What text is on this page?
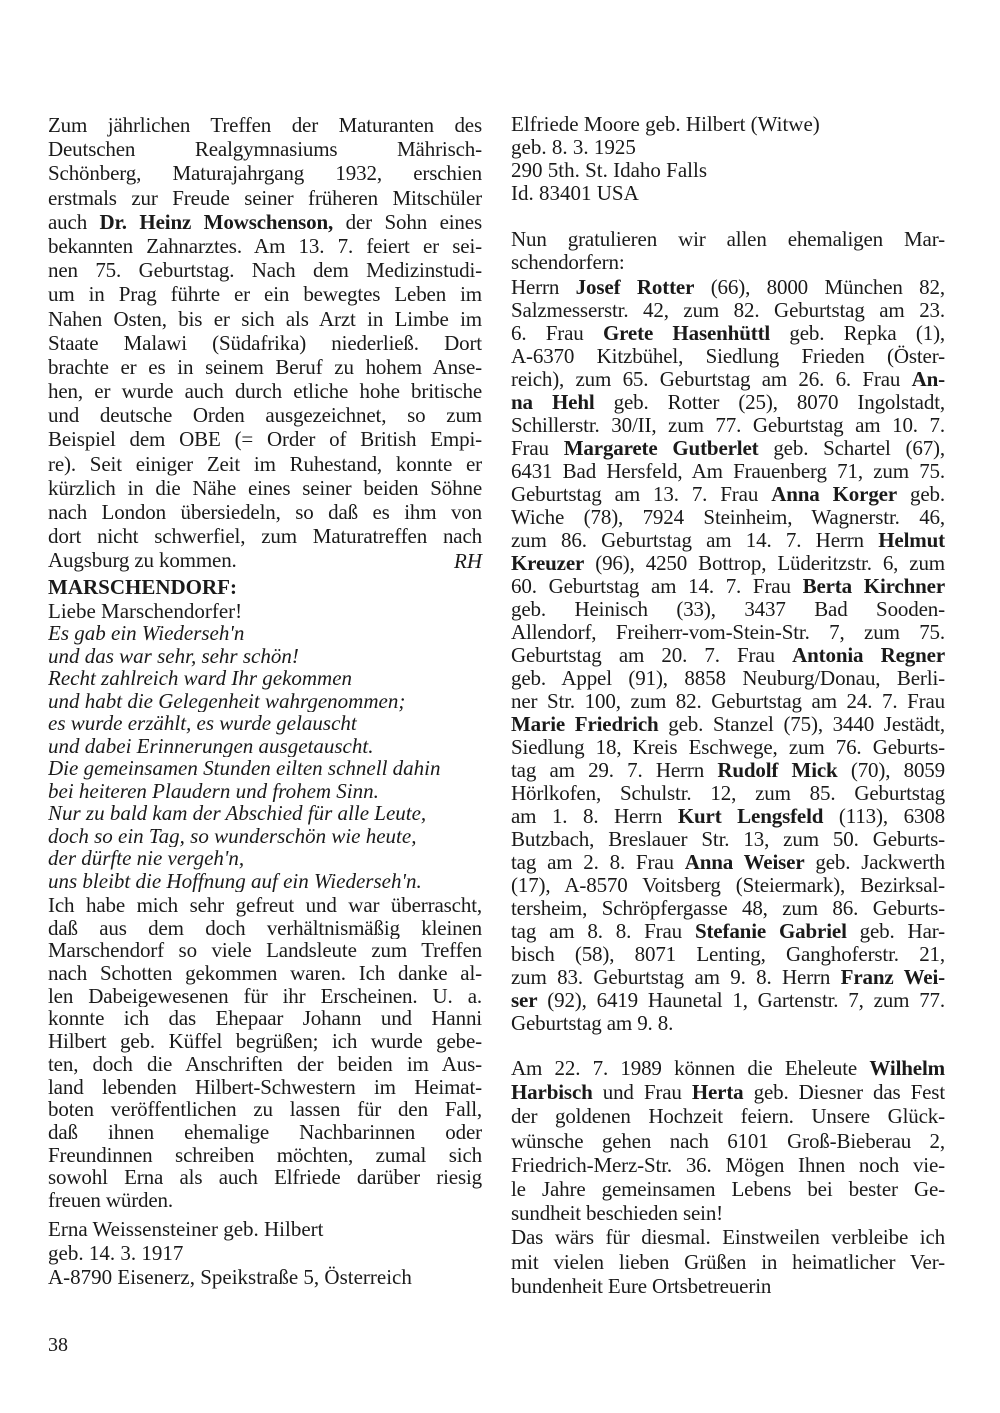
Zum jährlichen Treffen der Maturanten des
Deutschen Realgymnasiums Mährisch-
Schönberg, Maturajahrgang 1932, erschien
erstmals zur Freude seiner früheren Mitschüler
auch Dr. Heinz Mowschenson, der Sohn eines
bekannten Zahnarztes. Am 13. 7. feiert er sei-
nen 75. Geburtstag. Nach dem Medizinstudi-
um in Prag führte er ein bewegtes Leben im
Nahen Osten, bis er sich als Arzt in Limbe im
Staate Malawi (Südafrika) niederließ. Dort
brachte er es in seinem Beruf zu hohem Anse-
hen, er wurde auch durch etliche hohe britische
und deutsche Orden ausgezeichnet, so zum
Beispiel dem OBE (= Order of British Empi-
re). Seit einiger Zeit im Ruhestand, konnte er
kürzlich in die Nähe eines seiner beiden Söhne
nach London übersiedeln, so daß es ihm von
dort nicht schwerfiel, zum Maturatreffen nach
Augsburg zu kommen.	RH
MARSCHENDORF:
Liebe Marschendorfer!
Es gab ein Wiederseh'n
und das war sehr, sehr schön!
Recht zahlreich ward Ihr gekommen
und habt die Gelegenheit wahrgenommen;
es wurde erzählt, es wurde gelauscht
und dabei Erinnerungen ausgetauscht.
Die gemeinsamen Stunden eilten schnell dahin
bei heiteren Plaudern und frohem Sinn.
Nur zu bald kam der Abschied für alle Leute,
doch so ein Tag, so wunderschön wie heute,
der dürfte nie vergeh'n,
uns bleibt die Hoffnung auf ein Wiederseh'n.
Ich habe mich sehr gefreut und war überrascht,
daß aus dem doch verhältnismäßig kleinen
Marschendorf so viele Landsleute zum Treffen
nach Schotten gekommen waren. Ich danke al-
len Dabeigewesenen für ihr Erscheinen. U. a.
konnte ich das Ehepaar Johann und Hanni
Hilbert geb. Küffel begrüßen; ich wurde gebe-
ten, doch die Anschriften der beiden im Aus-
land lebenden Hilbert-Schwestern im Heimat-
boten veröffentlichen zu lassen für den Fall,
daß ihnen ehemalige Nachbarinnen oder
Freundinnen schreiben möchten, zumal sich
sowohl Erna als auch Elfriede darüber riesig
freuen würden.
Erna Weissensteiner geb. Hilbert
geb. 14. 3. 1917
A-8790 Eisenerz, Speikstraße 5, Österreich
Elfriede Moore geb. Hilbert (Witwe)
geb. 8. 3. 1925
290 5th. St. Idaho Falls
Id. 83401 USA
Nun gratulieren wir allen ehemaligen Mar-
schendorfern:
Herrn Josef Rotter (66), 8000 München 82,
Salzmesserstr. 42, zum 82. Geburtstag am 23.
6. Frau Grete Hasenhüttl geb. Repka (1),
A-6370 Kitzbühel, Siedlung Frieden (Öster-
reich), zum 65. Geburtstag am 26. 6. Frau An-
na Hehl geb. Rotter (25), 8070 Ingolstadt,
Schillerstr. 30/II, zum 77. Geburtstag am 10. 7.
Frau Margarete Gutberlet geb. Schartel (67),
6431 Bad Hersfeld, Am Frauenberg 71, zum 75.
Geburtstag am 13. 7. Frau Anna Korger geb.
Wiche (78), 7924 Steinheim, Wagnerstr. 46,
zum 86. Geburtstag am 14. 7. Herrn Helmut
Kreuzer (96), 4250 Bottrop, Lüderitzstr. 6, zum
60. Geburtstag am 14. 7. Frau Berta Kirchner
geb. Heinisch (33), 3437 Bad Sooden-
Allendorf, Freiherr-vom-Stein-Str. 7, zum 75.
Geburtstag am 20. 7. Frau Antonia Regner
geb. Appel (91), 8858 Neuburg/Donau, Berli-
ner Str. 100, zum 82. Geburtstag am 24. 7. Frau
Marie Friedrich geb. Stanzel (75), 3440 Jestädt,
Siedlung 18, Kreis Eschwege, zum 76. Geburts-
tag am 29. 7. Herrn Rudolf Mick (70), 8059
Hörlkofen, Schulstr. 12, zum 85. Geburtstag
am 1. 8. Herrn Kurt Lengsfeld (113), 6308
Butzbach, Breslauer Str. 13, zum 50. Geburts-
tag am 2. 8. Frau Anna Weiser geb. Jackwerth
(17), A-8570 Voitsberg (Steiermark), Bezirksal-
tersheim, Schröpfergasse 48, zum 86. Geburts-
tag am 8. 8. Frau Stefanie Gabriel geb. Har-
bisch (58), 8071 Lenting, Ganghoferstr. 21,
zum 83. Geburtstag am 9. 8. Herrn Franz Wei-
ser (92), 6419 Haunetal 1, Gartenstr. 7, zum 77.
Geburtstag am 9. 8.
Am 22. 7. 1989 können die Eheleute Wilhelm
Harbisch und Frau Herta geb. Diesner das Fest
der goldenen Hochzeit feiern. Unsere Glück-
wünsche gehen nach 6101 Groß-Bieberau 2,
Friedrich-Merz-Str. 36. Mögen Ihnen noch vie-
le Jahre gemeinsamen Lebens bei bester Ge-
sundheit beschieden sein!
Das wärs für diesmal. Einstweilen verbleibe ich
mit vielen lieben Grüßen in heimatlicher Ver-
bundenheit Eure Ortsbetreuerin
38
